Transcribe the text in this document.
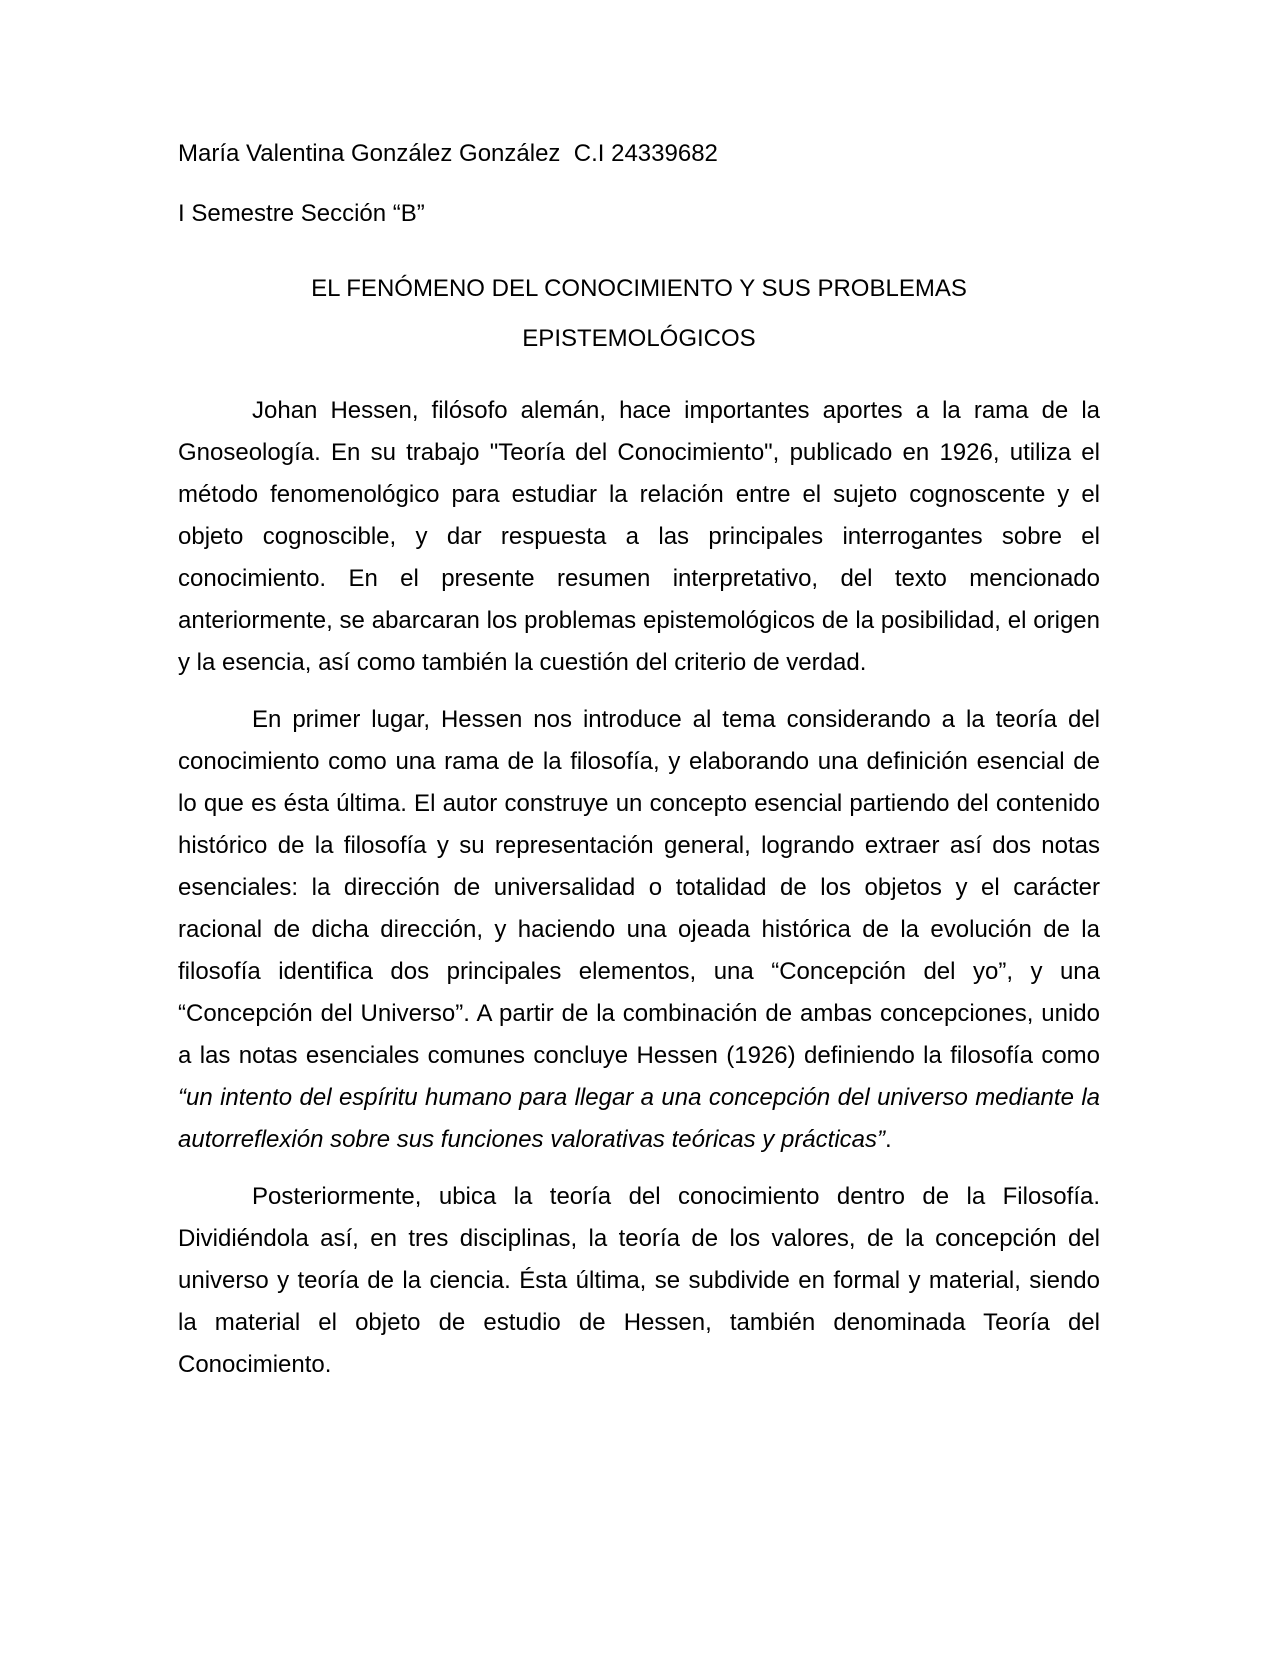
María Valentina González González  C.I 24339682

I Semestre Sección “B”

EL FENÓMENO DEL CONOCIMIENTO Y SUS PROBLEMAS
EPISTEMOLÓGICOS

Johan Hessen, filósofo alemán, hace importantes aportes a la rama de la Gnoseología. En su trabajo "Teoría del Conocimiento", publicado en 1926, utiliza el método fenomenológico para estudiar la relación entre el sujeto cognoscente y el objeto cognoscible, y dar respuesta a las principales interrogantes sobre el conocimiento. En el presente resumen interpretativo, del texto mencionado anteriormente, se abarcaran los problemas epistemológicos de la posibilidad, el origen y la esencia, así como también la cuestión del criterio de verdad.

En primer lugar, Hessen nos introduce al tema considerando a la teoría del conocimiento como una rama de la filosofía, y elaborando una definición esencial de lo que es ésta última. El autor construye un concepto esencial partiendo del contenido histórico de la filosofía y su representación general, logrando extraer así dos notas esenciales: la dirección de universalidad o totalidad de los objetos y el carácter racional de dicha dirección, y haciendo una ojeada histórica de la evolución de la filosofía identifica dos principales elementos, una “Concepción del yo”, y una “Concepción del Universo”. A partir de la combinación de ambas concepciones, unido a las notas esenciales comunes concluye Hessen (1926) definiendo la filosofía como “un intento del espíritu humano para llegar a una concepción del universo mediante la autorreflexión sobre sus funciones valorativas teóricas y prácticas”.

Posteriormente, ubica la teoría del conocimiento dentro de la Filosofía. Dividiéndola así, en tres disciplinas, la teoría de los valores, de la concepción del universo y teoría de la ciencia. Ésta última, se subdivide en formal y material, siendo la material el objeto de estudio de Hessen, también denominada Teoría del Conocimiento.
